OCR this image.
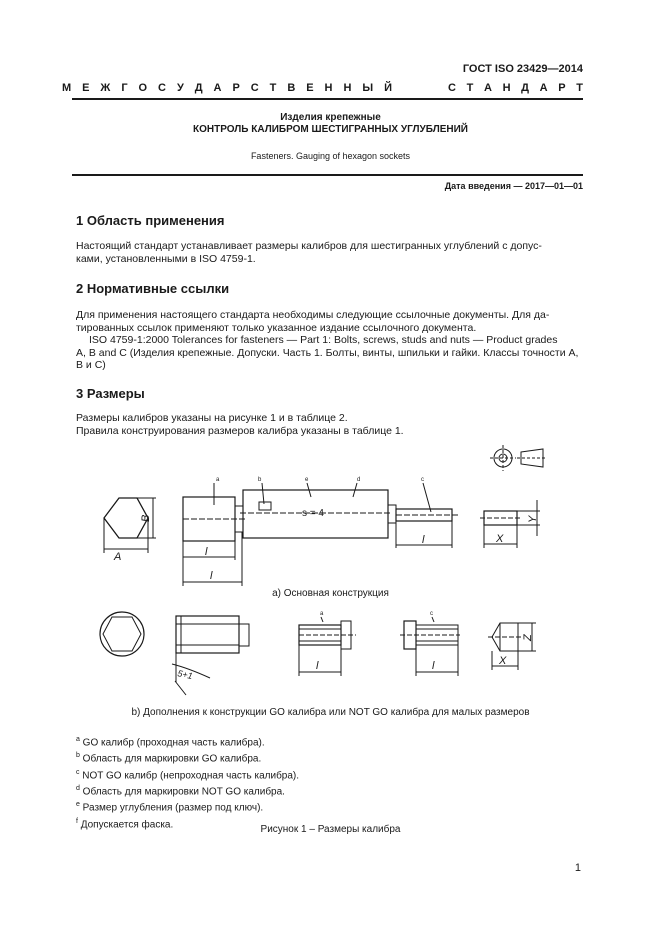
ГОСТ ISO 23429—2014
М Е Ж Г О С У Д А Р С Т В Е Н Н Ы Й	С Т А Н Д А Р Т
Изделия крепежные
КОНТРОЛЬ КАЛИБРОМ ШЕСТИГРАННЫХ УГЛУБЛЕНИЙ
Fasteners. Gauging of hexagon sockets
Дата введения — 2017—01—01
1 Область применения
Настоящий стандарт устанавливает размеры калибров для шестигранных углублений с допус-
ками, установленными в ISO 4759-1.
2 Нормативные ссылки
Для применения настоящего стандарта необходимы следующие ссылочные документы. Для да-
тированных ссылок применяют только указанное издание ссылочного документа.
ISO 4759-1:2000 Tolerances for fasteners — Part 1: Bolts, screws, studs and nuts — Product grades
A, B and C (Изделия крепежные. Допуски. Часть 1. Болты, винты, шпильки и гайки. Классы точности А,
В и С)
3 Размеры
Размеры калибров указаны на рисунке 1 и в таблице 2.
Правила конструирования размеров калибра указаны в таблице 1.
s = 4
A
B
l
l
l	X
Y
a	b	e	d	c
a	c
5+1
l	l	X
Z
а) Основная конструкция
b) Дополнения к конструкции GO калибра или NOT GO калибра для малых размеров
$^a$ GO калибр (проходная часть калибра).
$^b$ Область для маркировки GO калибра.
$^c$ NOT GO калибр (непроходная часть калибра).
$^d$ Область для маркировки NOT GO калибра.
$^e$ Размер углубления (размер под ключ).
$^f$ Допускается фаска.	Рисунок 1 – Размеры калибра
1
